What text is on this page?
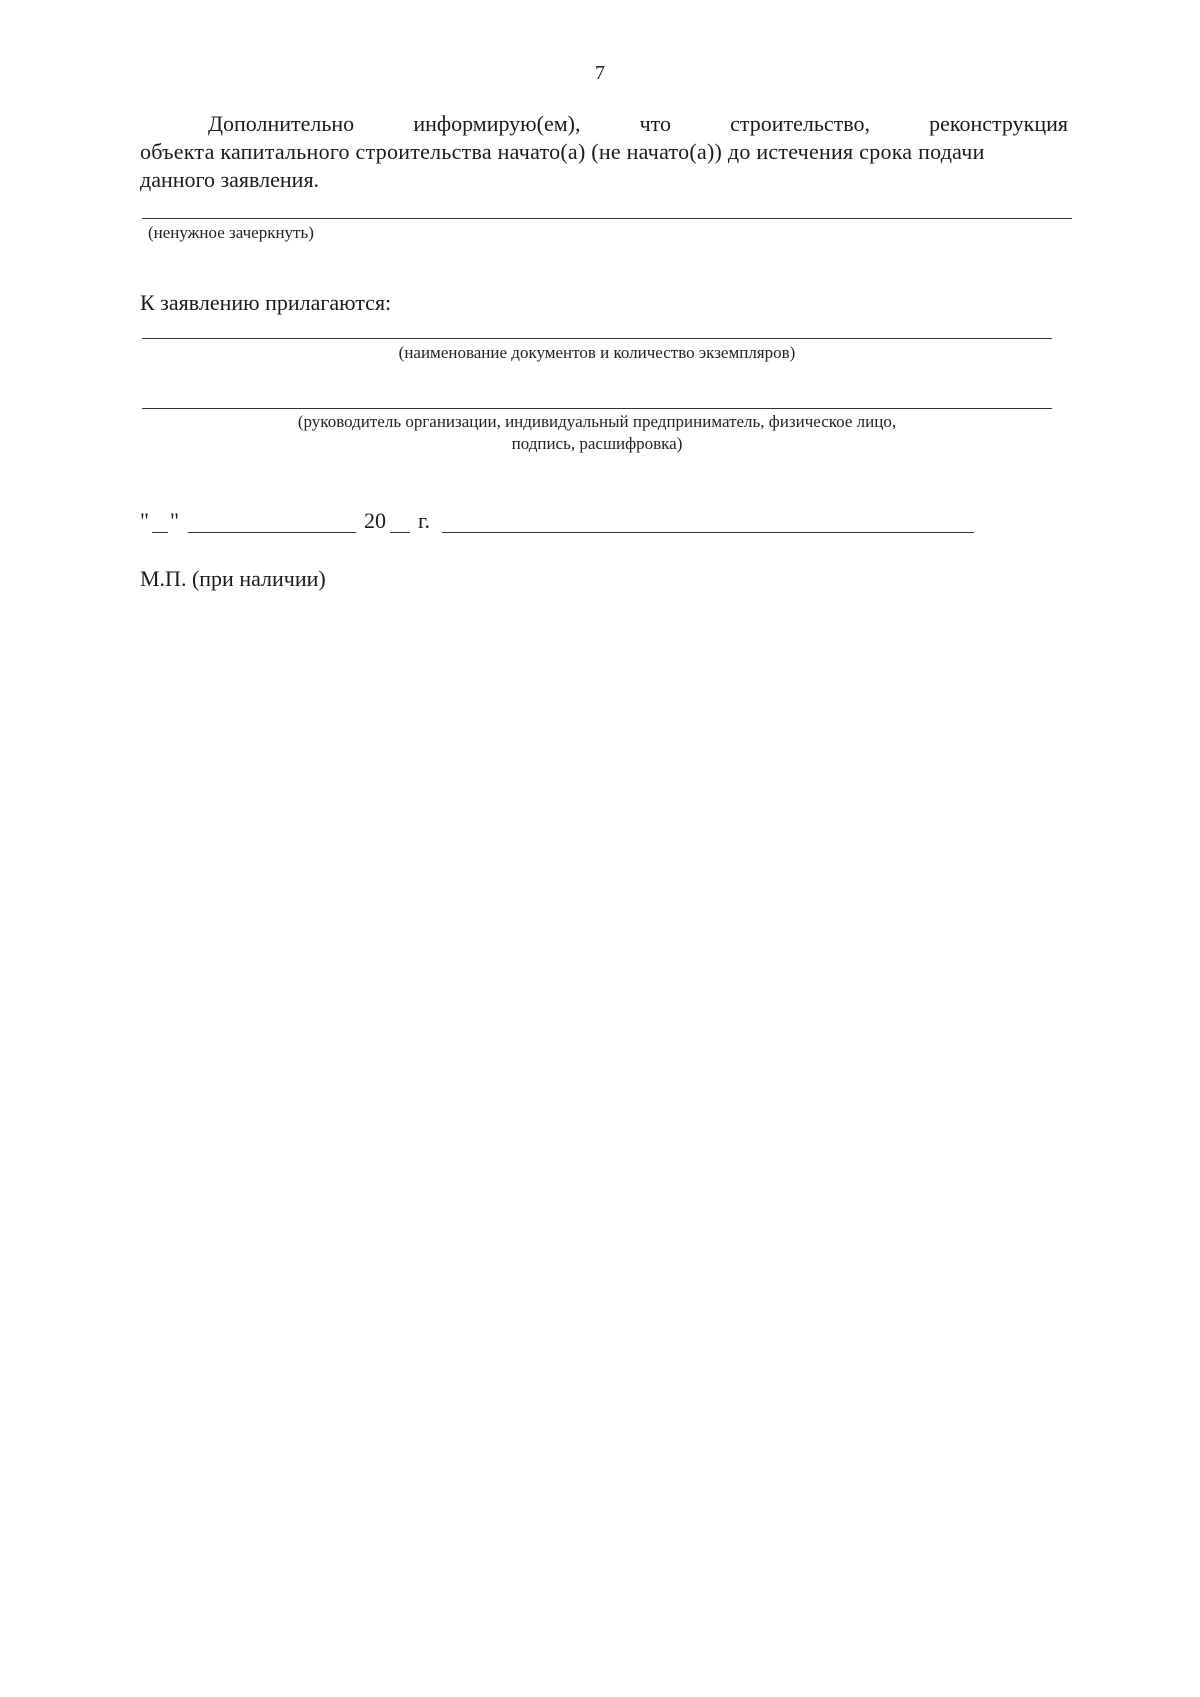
7
Дополнительно	информирую(ем),	что	строительство,	реконструкция
объекта капитального строительства начато(а) (не начато(а)) до истечения срока подачи
данного заявления.
(ненужное зачеркнуть)
К заявлению прилагаются:
(наименование документов и количество экземпляров)
(руководитель организации, индивидуальный предприниматель, физическое лицо,
подпись, расшифровка)
" "	20 г.
М.П. (при наличии)
